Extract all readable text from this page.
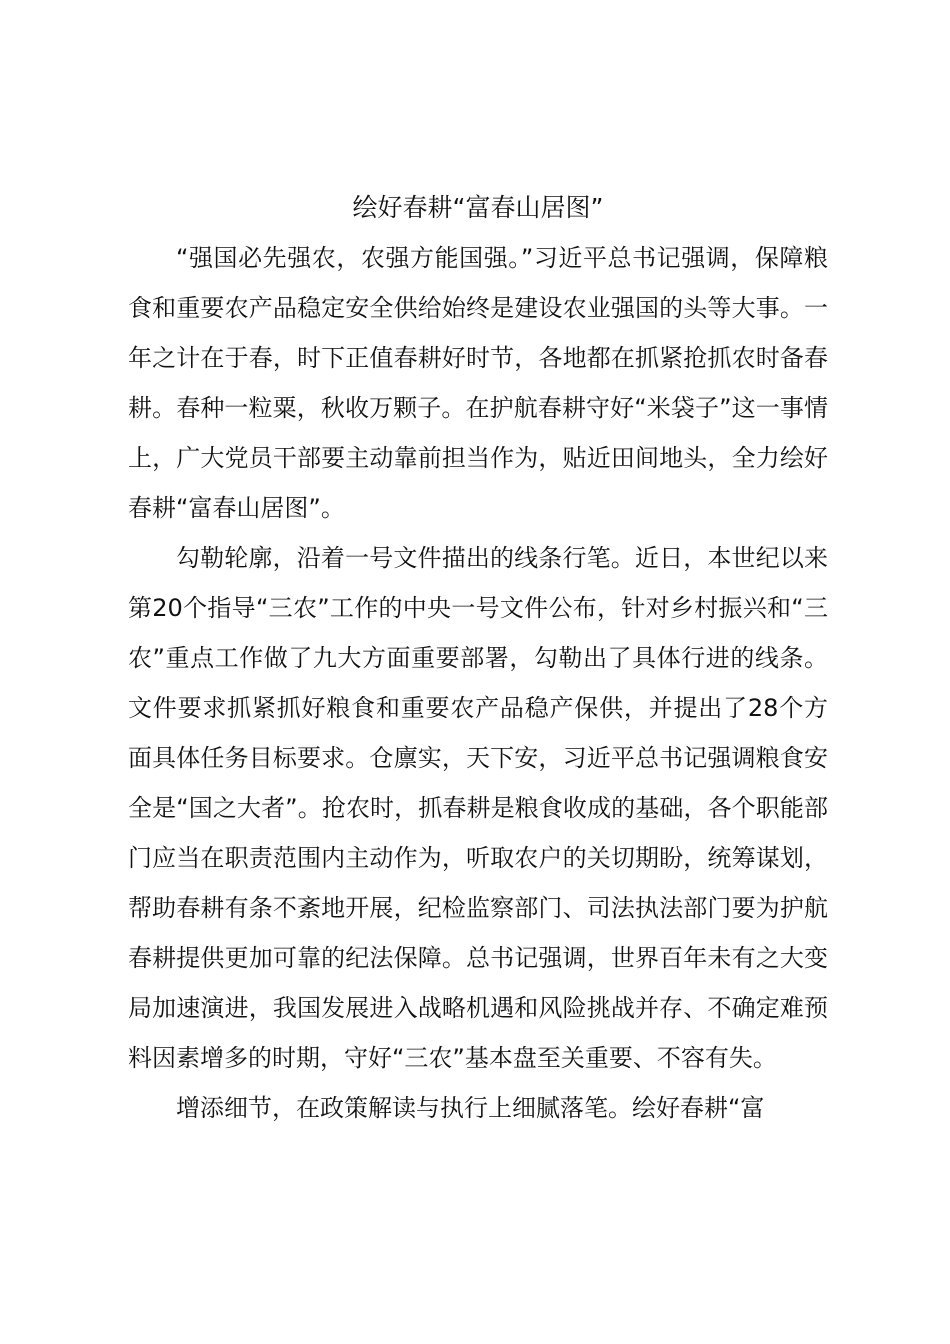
绘好春耕“富春山居图”

“强国必先强农，农强方能国强。”习近平总书记强调，保障粮食和重要农产品稳定安全供给始终是建设农业强国的头等大事。一年之计在于春，时下正值春耕好时节，各地都在抓紧抢抓农时备春耕。春种一粒粟，秋收万颗子。在护航春耕守好“米袋子”这一事情上，广大党员干部要主动靠前担当作为，贴近田间地头，全力绘好春耕“富春山居图”。

勾勒轮廓，沿着一号文件描出的线条行笔。近日，本世纪以来第20个指导“三农”工作的中央一号文件公布，针对乡村振兴和“三农”重点工作做了九大方面重要部署，勾勒出了具体行进的线条。文件要求抓紧抓好粮食和重要农产品稳产保供，并提出了28个方面具体任务目标要求。仓廪实，天下安，习近平总书记强调粮食安全是“国之大者”。抢农时，抓春耕是粮食收成的基础，各个职能部门应当在职责范围内主动作为，听取农户的关切期盼，统筹谋划，帮助春耕有条不紊地开展，纪检监察部门、司法执法部门要为护航春耕提供更加可靠的纪法保障。总书记强调，世界百年未有之大变局加速演进，我国发展进入战略机遇和风险挑战并存、不确定难预料因素增多的时期，守好“三农”基本盘至关重要、不容有失。

增添细节，在政策解读与执行上细腻落笔。绘好春耕“富
